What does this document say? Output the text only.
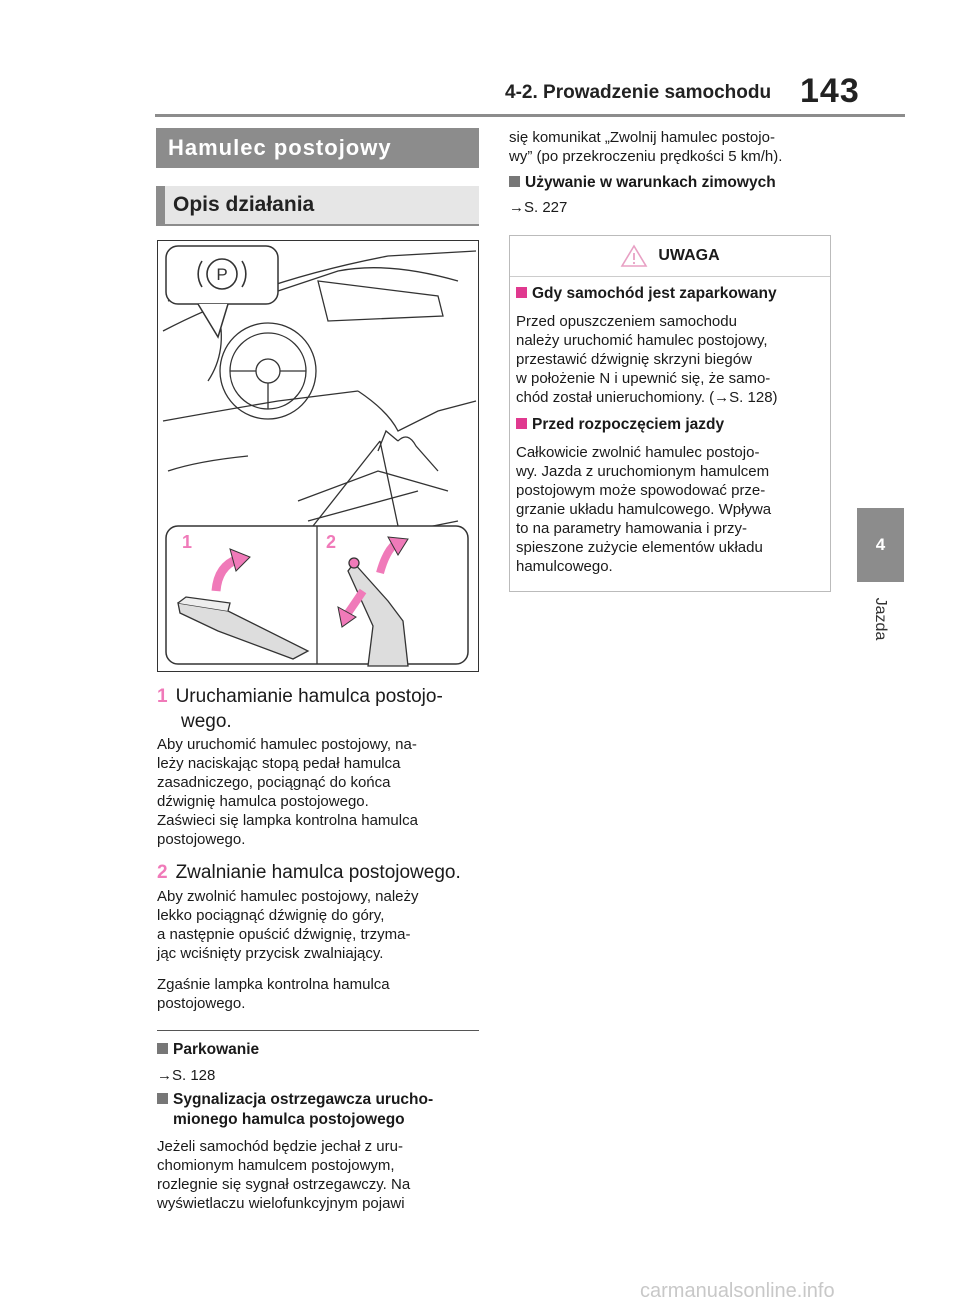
4-2. Prowadzenie samochodu 143
4
Jazda
Hamulec postojowy
Opis działania
P
1	2
1 Uruchamianie hamulca postojo-
wego.
Aby uruchomić hamulec postojowy, na-
leży naciskając stopą pedał hamulca
zasadniczego, pociągnąć do końca
dźwignię hamulca postojowego.
Zaświeci się lampka kontrolna hamulca
postojowego.
2 Zwalnianie hamulca postojowego.
Aby zwolnić hamulec postojowy, należy
lekko pociągnąć dźwignię do góry,
a następnie opuścić dźwignię, trzyma-
jąc wciśnięty przycisk zwalniający.
Zgaśnie lampka kontrolna hamulca
postojowego.
Parkowanie
→S. 128
Sygnalizacja ostrzegawcza urucho-
mionego hamulca postojowego
Jeżeli samochód będzie jechał z uru-
chomionym hamulcem postojowym,
rozlegnie się sygnał ostrzegawczy. Na
wyświetlaczu wielofunkcyjnym pojawi
się komunikat „Zwolnij hamulec postojo-
wy” (po przekroczeniu prędkości 5 km/h).
Używanie w warunkach zimowych
→S. 227
UWAGA

Gdy samochód jest zaparkowany

Przed opuszczeniem samochodu
należy uruchomić hamulec postojowy,
przestawić dźwignię skrzyni biegów
w położenie N i upewnić się, że samo-
chód został unieruchomiony. (→S. 128)

Przed rozpoczęciem jazdy

Całkowicie zwolnić hamulec postojo-
wy. Jazda z uruchomionym hamulcem
postojowym może spowodować prze-
grzanie układu hamulcowego. Wpływa
to na parametry hamowania i przy-
spieszone zużycie elementów układu
hamulcowego.

carmanualsonline.info
